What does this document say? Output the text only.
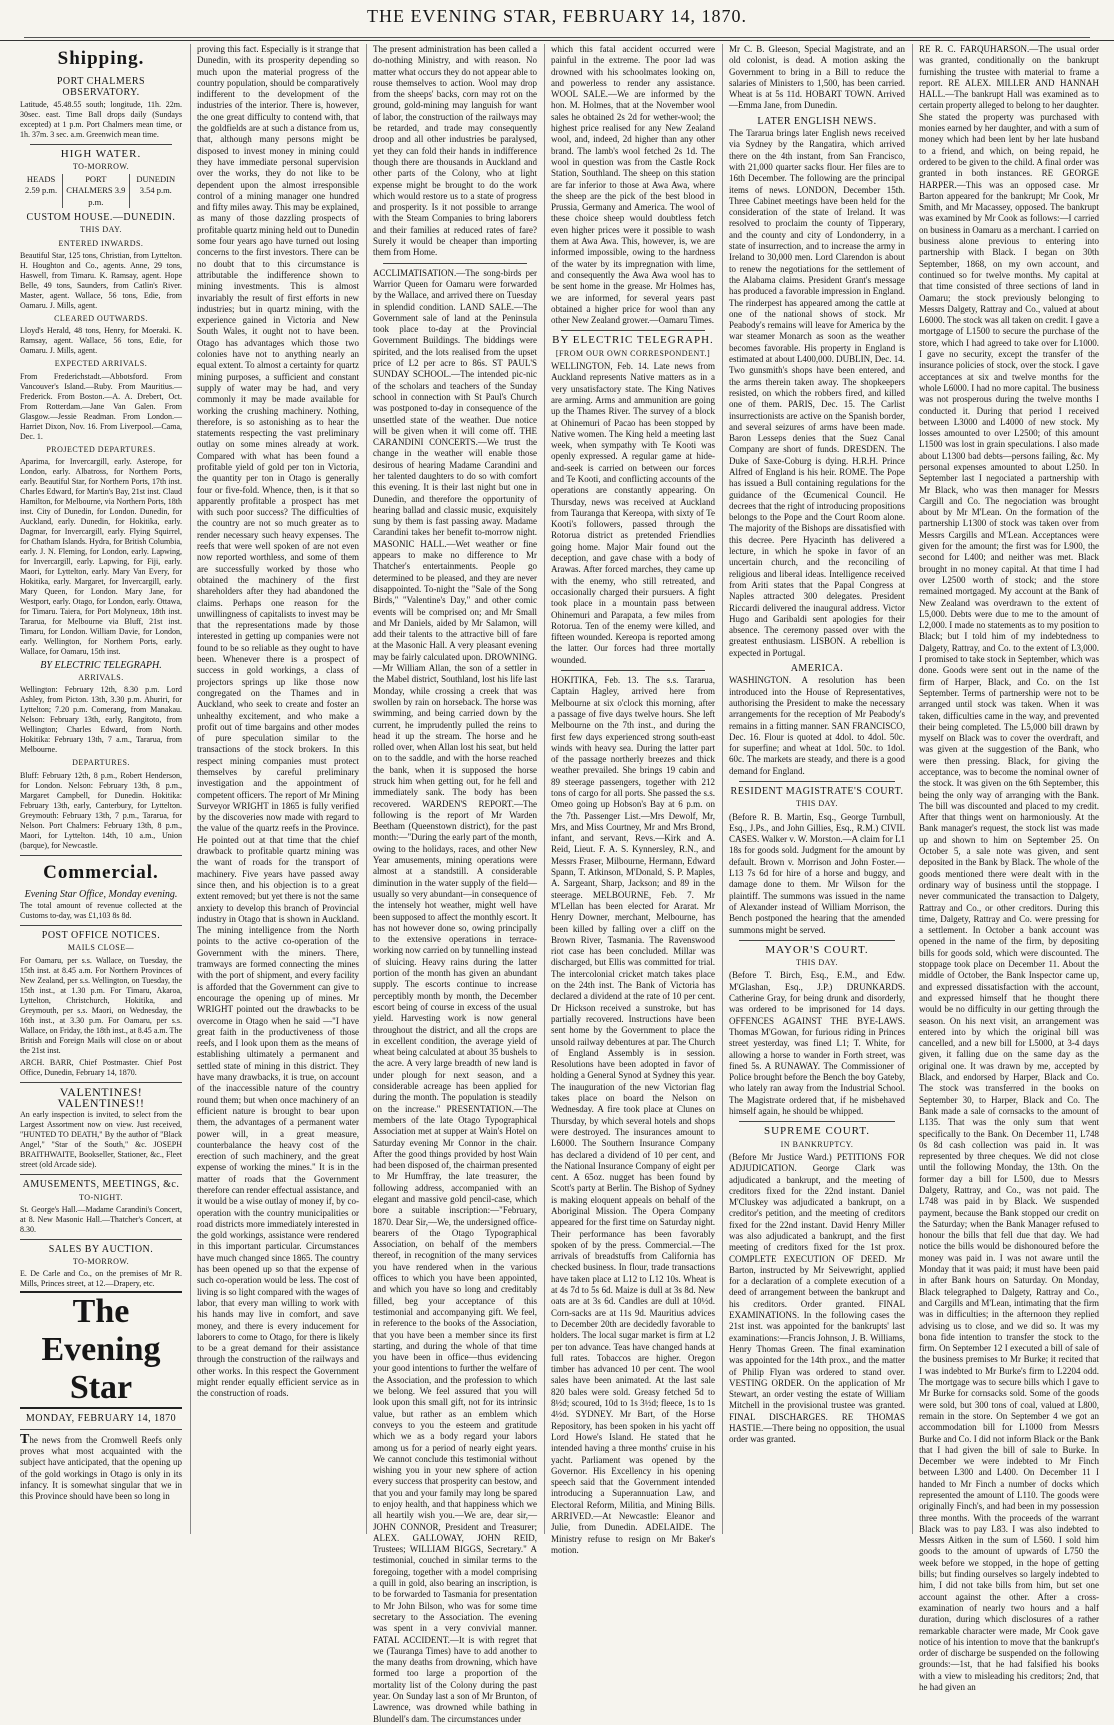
THE EVENING STAR, FEBRUARY 14, 1870.
Shipping.
PORT CHALMERS OBSERVATORY.
Latitude, 45.48.55 south; longitude, 11h. 22m. 30sec. east. Time Ball drops daily (Sundays excepted) at 1 p.m. Port Chalmers mean time, or 1h. 37m. 3 sec. a.m. Greenwich mean time.
HIGH WATER.
TO-MORROW.
HEADS 2.59 p.m.	PORT CHALMERS 3.9 p.m.	DUNEDIN 3.54 p.m.
CUSTOM HOUSE.—DUNEDIN.
THIS DAY.
ENTERED INWARDS.
Beautiful Star, 125 tons, Christian, from Lyttelton. H. Houghton and Co., agents. Anne, 29 tons, Haswell, from Timaru. K. Ramsay, agent. Hope Belle, 49 tons, Saunders, from Catlin's River. Master, agent. Wallace, 56 tons, Edie, from Oamaru. J. Mills, agent.
CLEARED OUTWARDS.
Lloyd's Herald, 48 tons, Henry, for Moeraki. K. Ramsay, agent. Wallace, 56 tons, Edie, for Oamaru. J. Mills, agent.
EXPECTED ARRIVALS.
From Frederichstadt.—Abbotsford. From Vancouver's Island.—Ruby. From Mauritius.—Frederick. From Boston.—A. A. Drebert, Oct. From Rotterdam.—Jane Van Galen. From Glasgow.—Jessie Readman. From London.—Harriet Dixon, Nov. 16. From Liverpool.—Cama, Dec. 1.
PROJECTED DEPARTURES.
Aparima, for Invercargill, early. Asterope, for London, early. Albatross, for Northern Ports, early. Beautiful Star, for Northern Ports, 17th inst. Charles Edward, for Martin's Bay, 21st inst. Claud Hamilton, for Melbourne, via Northern Ports, 18th inst. City of Dunedin, for London. Dunedin, for Auckland, early. Dunedin, for Hokitika, early. Dagmar, for Invercargill, early. Flying Squirrel, for Chatham Islands. Hydra, for British Columbia, early. J. N. Fleming, for London, early. Lapwing, for Invercargill, early. Lapwing, for Fiji, early. Maori, for Lyttelton, early. Mary Van Every, for Hokitika, early. Margaret, for Invercargill, early. Mary Queen, for London. Mary Jane, for Westport, early. Otago, for London, early. Ottawa, for Timaru. Taiera, for Port Molyneux, 18th inst. Tararua, for Melbourne via Bluff, 21st inst. Timaru, for London. William Davie, for London, early. Wellington, for Northern Ports, early. Wallace, for Oamaru, 15th inst.
BY ELECTRIC TELEGRAPH.
ARRIVALS.
Wellington: February 12th, 8.30 p.m. Lord Ashley, from Picton. 13th, 3.30 p.m. Ahuriri, for Lyttelton; 7.20 p.m. Comerang, from Manakau. Nelson: February 13th, early, Rangitoto, from Wellington; Charles Edward, from North. Hokitika: February 13th, 7 a.m., Tararua, from Melbourne.
DEPARTURES.
Bluff: February 12th, 8 p.m., Robert Henderson, for London. Nelson: February 13th, 8 p.m., Margaret Campbell, for Dunedin. Hokitika: February 13th, early, Canterbury, for Lyttelton. Greymouth: February 13th, 7 p.m., Tararua, for Nelson. Port Chalmers: February 13th, 8 p.m., Maori, for Lyttelton. 14th, 10 a.m., Union (barque), for Newcastle.
Commercial.
Evening Star Office, Monday evening.
The total amount of revenue collected at the Customs to-day, was £1,103 8s 8d.
POST OFFICE NOTICES.
MAILS CLOSE—
For Oamaru, per s.s. Wallace, on Tuesday, the 15th inst. at 8.45 a.m. For Northern Provinces of New Zealand, per s.s. Wellington, on Tuesday, the 15th inst., at 1.30 p.m. For Timaru, Akaroa, Lyttelton, Christchurch, Hokitika, and Greymouth, per s.s. Maori, on Wednesday, the 16th inst., at 3.30 p.m. For Oamaru, per s.s. Wallace, on Friday, the 18th inst., at 8.45 a.m. The British and Foreign Mails will close on or about the 21st inst.
ARCH. BARR, Chief Postmaster. Chief Post Office, Dunedin, February 14, 1870.
VALENTINES! VALENTINES!!
An early inspection is invited, to select from the Largest Assortment now on view. Just received, "HUNTED TO DEATH," By the author of "Black Angel," "Star of the South," &c. JOSEPH BRAITHWAITE, Bookseller, Stationer, &c., Fleet street (old Arcade side).
AMUSEMENTS, MEETINGS, &c.
TO-NIGHT.
St. George's Hall.—Madame Carandini's Concert, at 8. New Masonic Hall.—Thatcher's Concert, at 8.30.
SALES BY AUCTION.
TO-MORROW.
E. De Carle and Co., on the premises of Mr R. Mills, Princes street, at 12.—Drapery, etc.
The Evening Star
MONDAY, FEBRUARY 14, 1870
The news from the Cromwell Reefs only proves what most acquainted with the subject have anticipated, that the opening up of the gold workings in Otago is only in its infancy. It is somewhat singular that we in this Province should have been so long in
proving this fact. Especially is it strange that Dunedin, with its prosperity depending so much upon the material progress of the country population, should be comparatively indifferent to the development of the industries of the interior. There is, however, the one great difficulty to contend with, that the goldfields are at such a distance from us, that, although many persons might be disposed to invest money in mining could they have immediate personal supervision over the works, they do not like to be dependent upon the almost irresponsible control of a mining manager one hundred and fifty miles away. This may be explained, as many of those dazzling prospects of profitable quartz mining held out to Dunedin some four years ago have turned out losing concerns to the first investors. There can be no doubt that to this circumstance is attributable the indifference shown to mining investments. This is almost invariably the result of first efforts in new industries; but in quartz mining, with the experience gained in Victoria and New South Wales, it ought not to have been. Otago has advantages which those two colonies have not to anything nearly an equal extent. To almost a certainty for quartz mining purposes, a sufficient and constant supply of water may be had, and very commonly it may be made available for working the crushing machinery. Nothing, therefore, is so astonishing as to hear the statements respecting the vast preliminary outlay on some mines already at work. Compared with what has been found a profitable yield of gold per ton in Victoria, the quantity per ton in Otago is generally four or five-fold. Whence, then, is it that so apparently profitable a prospect has met with such poor success? The difficulties of the country are not so much greater as to render necessary such heavy expenses. The reefs that were well spoken of are not even now reported worthless, and some of them are successfully worked by those who obtained the machinery of the first shareholders after they had abandoned the claims. Perhaps one reason for the unwillingness of capitalists to invest may be that the representations made by those interested in getting up companies were not found to be so reliable as they ought to have been. Whenever there is a prospect of success in gold workings, a class of projectors springs up like those now congregated on the Thames and in Auckland, who seek to create and foster an unhealthy excitement, and who make a profit out of time bargains and other modes of pure speculation similar to the transactions of the stock brokers. In this respect mining companies must protect themselves by careful preliminary investigation and the appointment of competent officers. The report of Mr Mining Surveyor WRIGHT in 1865 is fully verified by the discoveries now made with regard to the value of the quartz reefs in the Province. He pointed out at that time that the chief drawback to profitable quartz mining was the want of roads for the transport of machinery. Five years have passed away since then, and his objection is to a great extent removed; but yet there is not the same anxiety to develop this branch of Provincial industry in Otago that is shown in Auckland. The mining intelligence from the North points to the active co-operation of the Government with the miners. There, tramways are formed connecting the mines with the port of shipment, and every facility is afforded that the Government can give to encourage the opening up of mines. Mr WRIGHT pointed out the drawbacks to be overcome in Otago when he said —"I have great faith in the productiveness of those reefs, and I look upon them as the means of establishing ultimately a permanent and settled state of mining in this district. They have many drawbacks, it is true, on account of the inaccessible nature of the country round them; but when once machinery of an efficient nature is brought to bear upon them, the advantages of a permanent water power will, in a great measure, counterbalance the heavy cost of the erection of such machinery, and the great expense of working the mines." It is in the matter of roads that the Government therefore can render effectual assistance, and it would be a wise outlay of money if, by co-operation with the country municipalities or road districts more immediately interested in the gold workings, assistance were rendered in this important particular. Circumstances have much changed since 1865. The country has been opened up so that the expense of such co-operation would be less. The cost of living is so light compared with the wages of labor, that every man willing to work with his hands may live in comfort, and save money, and there is every inducement for laborers to come to Otago, for there is likely to be a great demand for their assistance through the construction of the railways and other works. In this respect the Government might render equally efficient service as in the construction of roads.
The present administration has been called a do-nothing Ministry, and with reason. No matter what occurs they do not appear able to rouse themselves to action. Wool may drop from the sheeps' backs, corn may rot on the ground, gold-mining may languish for want of labor, the construction of the railways may be retarded, and trade may consequently droop and all other industries be paralysed, yet they can fold their hands in indifference though there are thousands in Auckland and other parts of the Colony, who at light expense might be brought to do the work which would restore us to a state of progress and prosperity. Is it not possible to arrange with the Steam Companies to bring laborers and their families at reduced rates of fare? Surely it would be cheaper than importing them from Home.
ACCLIMATISATION.—The song-birds per Warrior Queen for Oamaru were forwarded by the Wallace, and arrived there on Tuesday in splendid condition. LAND SALE.—The Government sale of land at the Peninsula took place to-day at the Provincial Government Buildings. The biddings were spirited, and the lots realised from the upset price of L2 per acre to 86s. ST PAUL'S SUNDAY SCHOOL.—The intended pic-nic of the scholars and teachers of the Sunday school in connection with St Paul's Church was postponed to-day in consequence of the unsettled state of the weather. Due notice will be given when it will come off. THE CARANDINI CONCERTS.—We trust the change in the weather will enable those desirous of hearing Madame Carandini and her talented daughters to do so with comfort this evening. It is their last night but one in Dunedin, and therefore the opportunity of hearing ballad and classic music, exquisitely sung by them is fast passing away. Madame Carandini takes her benefit to-morrow night. MASONIC HALL.—Wet weather or fine appears to make no difference to Mr Thatcher's entertainments. People go determined to be pleased, and they are never disappointed. To-night the "Sale of the Song Birds," "Valentine's Day," and other comic events will be comprised on; and Mr Small and Mr Daniels, aided by Mr Salamon, will add their talents to the attractive bill of fare at the Masonic Hall. A very pleasant evening may be fairly calculated upon. DROWNING.—Mr William Allan, the son of a settler in the Mabel district, Southland, lost his life last Monday, while crossing a creek that was swollen by rain on horseback. The horse was swimming, and being carried down by the current, he imprudently pulled the reins to head it up the stream. The horse and he rolled over, when Allan lost his seat, but held on to the saddle, and with the horse reached the bank, when it is supposed the horse struck him when getting out, for he fell and immediately sank. The body has been recovered. WARDEN'S REPORT.—The following is the report of Mr Warden Beetham (Queenstown district), for the past month:—"During the early part of the month, owing to the holidays, races, and other New Year amusements, mining operations were almost at a standstill. A considerable diminution in the water supply of the field—usually so very abundant—in consequence of the intensely hot weather, might well have been supposed to affect the monthly escort. It has not however done so, owing principally to the extensive operations in terrace-working now carried on by tunnelling instead of sluicing. Heavy rains during the latter portion of the month has given an abundant supply. The escorts continue to increase perceptibly month by month, the December escort being of course in excess of the usual yield. Harvesting work is now general throughout the district, and all the crops are in excellent condition, the average yield of wheat being calculated at about 35 bushels to the acre. A very large breadth of new land is under plough for next season, and a considerable acreage has been applied for during the month. The population is steadily on the increase." PRESENTATION.—The members of the late Otago Typographical Association met at supper at Wain's Hotel on Saturday evening Mr Connor in the chair. After the good things provided by host Wain had been disposed of, the chairman presented to Mr Humffray, the late treasurer, the following address, accompanied with an elegant and massive gold pencil-case, which bore a suitable inscription:—"February, 1870. Dear Sir,—We, the undersigned office-bearers of the Otago Typographical Association, on behalf of the members thereof, in recognition of the many services you have rendered when in the various offices to which you have been appointed, and which you have so long and creditably filled, beg your acceptance of this testimonial and accompanying gift. We feel, in reference to the books of the Association, that you have been a member since its first starting, and during the whole of that time you have been in office—thus evidencing your good intentions to further the welfare of the Association, and the profession to which we belong. We feel assured that you will look upon this small gift, not for its intrinsic value, but rather as an emblem which conveys to you the esteem and gratitude which we as a body regard your labors among us for a period of nearly eight years. We cannot conclude this testimonial without wishing you in your new sphere of action every success that prosperity can bestow, and that you and your family may long be spared to enjoy health, and that happiness which we all heartily wish you.—We are, dear sir,—JOHN CONNOR, President and Treasurer; ALEX. GALLOWAY, JOHN REID, Trustees; WILLIAM BIGGS, Secretary." A testimonial, couched in similar terms to the foregoing, together with a model comprising a quill in gold, also bearing an inscription, is to be forwarded to Tasmania for presentation to Mr John Bilson, who was for some time secretary to the Association. The evening was spent in a very convivial manner. FATAL ACCIDENT.—It is with regret that we (Tauranga Times) have to add another to the many deaths from drowning, which have formed too large a proportion of the mortality list of the Colony during the past year. On Sunday last a son of Mr Brunton, of Lawrence, was drowned while bathing in Blundell's dam. The circumstances under
which this fatal accident occurred were painful in the extreme. The poor lad was drowned with his schoolmates looking on, and powerless to render any assistance. WOOL SALE.—We are informed by the hon. M. Holmes, that at the November wool sales he obtained 2s 2d for wether-wool; the highest price realised for any New Zealand wool, and, indeed, 2d higher than any other brand. The lamb's wool fetched 2s 1d. The wool in question was from the Castle Rock Station, Southland. The sheep on this station are far inferior to those at Awa Awa, where the sheep are the pick of the best blood in Prussia, Germany and America. The wool of these choice sheep would doubtless fetch even higher prices were it possible to wash them at Awa Awa. This, however, is, we are informed impossible, owing to the hardness of the water by its impregnation with lime, and consequently the Awa Awa wool has to be sent home in the grease. Mr Holmes has, we are informed, for several years past obtained a higher price for wool than any other New Zealand grower.—Oamaru Times.
BY ELECTRIC TELEGRAPH.
[FROM OUR OWN CORRESPONDENT.]
WELLINGTON, Feb. 14. Late news from Auckland represents Native matters as in a very unsatisfactory state. The King Natives are arming. Arms and ammunition are going up the Thames River. The survey of a block at Ohinemuri of Pacao has been stopped by Native women. The King held a meeting last week, when sympathy with Te Kooti was openly expressed. A regular game at hide-and-seek is carried on between our forces and Te Kooti, and conflicting accounts of the operations are constantly appearing. On Thursday, news was received at Auckland from Tauranga that Kereopa, with sixty of Te Kooti's followers, passed through the Rotorua district as pretended Friendlies going home. Major Mair found out the deception, and gave chase with a body of Arawas. After forced marches, they came up with the enemy, who still retreated, and occasionally charged their pursuers. A fight took place in a mountain pass between Ohinemuri and Parapata, a few miles from Rotorua. Ten of the enemy were killed, and fifteen wounded. Kereopa is reported among the latter. Our forces had three mortally wounded.
HOKITIKA, Feb. 13. The s.s. Tararua, Captain Hagley, arrived here from Melbourne at six o'clock this morning, after a passage of five days twelve hours. She left Melbourne on the 7th inst., and during the first few days experienced strong south-east winds with heavy sea. During the latter part of the passage northerly breezes and thick weather prevailed. She brings 19 cabin and 89 steerage passengers, together with 212 tons of cargo for all ports. She passed the s.s. Omeo going up Hobson's Bay at 6 p.m. on the 7th. Passenger List.—Mrs Dewolf, Mr, Mrs, and Miss Courtney, Mr and Mrs Brond, infant, and servant, Revs.—Kirk and A. Reid, Lieut. F. A. S. Kynnersley, R.N., and Messrs Fraser, Milbourne, Hermann, Edward Spann, T. Atkinson, M'Donald, S. P. Maples, A. Sargeant, Sharp, Jackson; and 89 in the steerage. MELBOURNE, Feb. 7. Mr M'Lellan has been elected for Ararat. Mr Henry Downer, merchant, Melbourne, has been killed by falling over a cliff on the Brown River, Tasmania. The Ravenswood riot case has been concluded. Millar was discharged, but Ellis was committed for trial. The intercolonial cricket match takes place on the 24th inst. The Bank of Victoria has declared a dividend at the rate of 10 per cent. Dr Hickson received a sunstroke, but has partially recovered. Instructions have been sent home by the Government to place the unsold railway debentures at par. The Church of England Assembly is in session. Resolutions have been adopted in favor of holding a General Synod at Sydney this year. The inauguration of the new Victorian flag takes place on board the Nelson on Wednesday. A fire took place at Clunes on Thursday, by which several hotels and shops were destroyed. The insurances amount to L6000. The Southern Insurance Company has declared a dividend of 10 per cent, and the National Insurance Company of eight per cent. A 65oz. nugget has been found by Scott's party at Berlin. The Bishop of Sydney is making eloquent appeals on behalf of the Aboriginal Mission. The Opera Company appeared for the first time on Saturday night. Their performance has been favorably spoken of by the press. Commercial.—The arrivals of breadstuffs from California has checked business. In flour, trade transactions have taken place at L12 to L12 10s. Wheat is at 4s 7d to 5s 6d. Maize is dull at 3s 8d. New oats are at 3s 6d. Candles are dull at 10½d. Corn-sacks are at 11s 9d. Mauritius advices to December 20th are decidedly favorable to holders. The local sugar market is firm at L2 per ton advance. Teas have changed hands at full rates. Tobaccos are higher. Oregon timber has advanced 10 per cent. The wool sales have been animated. At the last sale 820 bales were sold. Greasy fetched 5d to 8½d; scoured, 10d to 1s 3½d; fleece, 1s to 1s 4½d. SYDNEY. Mr Bart, of the Horse Repository, has been spoken in his yacht off Lord Howe's Island. He stated that he intended having a three months' cruise in his yacht. Parliament was opened by the Governor. His Excellency in his opening speech said that the Government intended introducing a Superannuation Law, and Electoral Reform, Militia, and Mining Bills. ARRIVED.—At Newcastle: Eleanor and Julie, from Dunedin. ADELAIDE. The Ministry refuse to resign on Mr Baker's motion.
Mr C. B. Gleeson, Special Magistrate, and an old colonist, is dead. A motion asking the Government to bring in a Bill to reduce the salaries of Ministers to 1,500, has been carried. Wheat is at 5s 11d. HOBART TOWN. Arrived—Emma Jane, from Dunedin.
LATER ENGLISH NEWS.
The Tararua brings later English news received via Sydney by the Rangatira, which arrived there on the 4th instant, from San Francisco, with 21,000 quarter sacks flour. Her files are to 16th December. The following are the principal items of news. LONDON, December 15th. Three Cabinet meetings have been held for the consideration of the state of Ireland. It was resolved to proclaim the county of Tipperary, and the county and city of Londonderry, in a state of insurrection, and to increase the army in Ireland to 30,000 men. Lord Clarendon is about to renew the negotiations for the settlement of the Alabama claims. President Grant's message has produced a favorable impression in England. The rinderpest has appeared among the cattle at one of the national shows of stock. Mr Peabody's remains will leave for America by the war steamer Monarch as soon as the weather becomes favorable. His property in England is estimated at about L400,000. DUBLIN, Dec. 14. Two gunsmith's shops have been entered, and the arms therein taken away. The shopkeepers resisted, on which the robbers fired, and killed one of them. PARIS, Dec. 15. The Carlist insurrectionists are active on the Spanish border, and several seizures of arms have been made. Baron Lesseps denies that the Suez Canal Company are short of funds. DRESDEN. The Duke of Saxe-Coburg is dying. H.R.H. Prince Alfred of England is his heir. ROME. The Pope has issued a Bull containing regulations for the guidance of the Œcumenical Council. He decrees that the right of introducing propositions belongs to the Pope and the Court Room alone. The majority of the Bishops are dissatisfied with this decree. Pere Hyacinth has delivered a lecture, in which he spoke in favor of an uncertain church, and the reconciling of religious and liberal ideas. Intelligence received from Ariti states that the Papal Congress at Naples attracted 300 delegates. President Riccardi delivered the inaugural address. Victor Hugo and Garibaldi sent apologies for their absence. The ceremony passed over with the greatest enthusiasm. LISBON. A rebellion is expected in Portugal.
AMERICA.
WASHINGTON. A resolution has been introduced into the House of Representatives, authorising the President to make the necessary arrangements for the reception of Mr Peabody's remains in a fitting manner. SAN FRANCISCO, Dec. 16. Flour is quoted at 4dol. to 4dol. 50c. for superfine; and wheat at 1dol. 50c. to 1dol. 60c. The markets are steady, and there is a good demand for England.
RESIDENT MAGISTRATE'S COURT.
THIS DAY.
(Before R. B. Martin, Esq., George Turnbull, Esq., J.Ps., and John Gillies, Esq., R.M.) CIVIL CASES. Walker v. W. Morston.—A claim for L1 18s for goods sold. Judgment for the amount by default. Brown v. Morrison and John Foster.—L13 7s 6d for hire of a horse and buggy, and damage done to them. Mr Wilson for the plaintiff. The summons was issued in the name of Alexander instead of William Morrison, the Bench postponed the hearing that the amended summons might be served.
MAYOR'S COURT.
THIS DAY.
(Before T. Birch, Esq., E.M., and Edw. M'Glashan, Esq., J.P.) DRUNKARDS. Catherine Gray, for being drunk and disorderly, was ordered to be imprisoned for 14 days. OFFENCES AGAINST THE BYE-LAWS. Thomas M'Gowan, for furious riding in Princes street yesterday, was fined L1; T. White, for allowing a horse to wander in Forth street, was fined 5s. A RUNAWAY. The Commissioner of Police brought before the Bench the boy Gateby, who lately ran away from the Industrial School. The Magistrate ordered that, if he misbehaved himself again, he should be whipped.
SUPREME COURT.
IN BANKRUPTCY.
(Before Mr Justice Ward.) PETITIONS FOR ADJUDICATION. George Clark was adjudicated a bankrupt, and the meeting of creditors fixed for the 22nd instant. Daniel M'Cluskey was adjudicated a bankrupt, on a creditor's petition, and the meeting of creditors fixed for the 22nd instant. David Henry Miller was also adjudicated a bankrupt, and the first meeting of creditors fixed for the 1st prox. COMPLETE EXECUTION OF DEED. Mr Barton, instructed by Mr Seivewright, applied for a declaration of a complete execution of a deed of arrangement between the bankrupt and his creditors. Order granted. FINAL EXAMINATIONS. In the following cases the 21st inst. was appointed for the bankrupts' last examinations:—Francis Johnson, J. B. Williams, Henry Thomas Green. The final examination was appointed for the 14th prox., and the matter of Philip Flyan was ordered to stand over. VESTING ORDER. On the application of Mr Stewart, an order vesting the estate of William Mitchell in the provisional trustee was granted. FINAL DISCHARGES. RE THOMAS HASTIE.—There being no opposition, the usual order was granted.
RE R. C. FARQUHARSON.—The usual order was granted, conditionally on the bankrupt furnishing the trustee with material to frame a report. RE ALEX. MILLER AND HANNAH HALL.—The bankrupt Hall was examined as to certain property alleged to belong to her daughter. She stated the property was purchased with monies earned by her daughter, and with a sum of money which had been lent by her late husband to a friend, and which, on being repaid, he ordered to be given to the child. A final order was granted in both instances. RE GEORGE HARPER.—This was an opposed case. Mr Barton appeared for the bankrupt; Mr Cook, Mr Smith, and Mr Macassey, opposed. The bankrupt was examined by Mr Cook as follows:—I carried on business in Oamaru as a merchant. I carried on business alone previous to entering into partnership with Black. I began on 30th September, 1868, on my own account, and continued so for twelve months. My capital at that time consisted of three sections of land in Oamaru; the stock previously belonging to Messrs Dalgety, Rattray and Co., valued at about L6000. The stock was all taken on credit. I gave a mortgage of L1500 to secure the purchase of the store, which I had agreed to take over for L1000. I gave no security, except the transfer of the insurance policies of stock, over the stock. I gave acceptances at six and twelve months for the whole L6000. I had no more capital. The business was not prosperous during the twelve months I conducted it. During that period I received between L3000 and L4000 of new stock. My losses amounted to over L2500; of this amount L1500 was lost in grain speculations. I also made about L1300 bad debts—persons failing, &c. My personal expenses amounted to about L250. In September last I negociated a partnership with Mr Black, who was then manager for Messrs Cargill and Co. The negociation was brought about by Mr M'Lean. On the formation of the partnership L1300 of stock was taken over from Messrs Cargills and M'Lean. Acceptances were given for the amount; the first was for L900, the second for L400; and neither was met. Black brought in no money capital. At that time I had over L2500 worth of stock; and the store remained mortgaged. My account at the Bank of New Zealand was overdrawn to the extent of L5,000. Debts were due to me to the amount of L2,000. I made no statements as to my position to Black; but I told him of my indebtedness to Dalgety, Rattray, and Co. to the extent of L3,000. I promised to take stock in September, which was done. Goods were sent out in the name of the firm of Harper, Black, and Co. on the 1st September. Terms of partnership were not to be arranged until stock was taken. When it was taken, difficulties came in the way, and prevented their being completed. The L5,000 bill drawn by myself on Black was to cover the overdraft, and was given at the suggestion of the Bank, who were then pressing. Black, for giving the acceptance, was to become the nominal owner of the stock. It was given on the 6th September, this being the only way of arranging with the Bank. The bill was discounted and placed to my credit. After that things went on harmoniously. At the Bank manager's request, the stock list was made up and shown to him on September 25. On October 5, a sale note was given, and sent deposited in the Bank by Black. The whole of the goods mentioned there were dealt with in the ordinary way of business until the stoppage. I never communicated the transaction to Dalgety, Rattray and Co., or other creditors. During this time, Dalgety, Rattray and Co. were pressing for a settlement. In October a bank account was opened in the name of the firm, by depositing bills for goods sold, which were discounted. The stoppage took place on December 11. About the middle of October, the Bank Inspector came up, and expressed dissatisfaction with the account, and expressed himself that he thought there would be no difficulty in our getting through the season. On his next visit, an arrangement was entered into by which the original bill was cancelled, and a new bill for L5000, at 3-4 days given, it falling due on the same day as the original one. It was drawn by me, accepted by Black, and endorsed by Harper, Black and Co. The stock was transferred in the books on September 30, to Harper, Black and Co. The Bank made a sale of cornsacks to the amount of L135. That was the only sum that went specifically to the Bank. On December 11, L748 0s 8d cash collection was paid in. It was represented by three cheques. We did not close until the following Monday, the 13th. On the former day a bill for L500, due to Messrs Dalgety, Rattray, and Co., was not paid. The L748 was paid in by Black. We suspended payment, because the Bank stopped our credit on the Saturday; when the Bank Manager refused to honour the bills that fell due that day. We had notice the bills would be dishonoured before the money was paid in. I was not aware until the Monday that it was paid; it must have been paid in after Bank hours on Saturday. On Monday, Black telegraphed to Dalgety, Rattray and Co., and Cargills and M'Lean, intimating that the firm was in difficulties; in the afternoon they replied advising us to close, and we did so. It was my bona fide intention to transfer the stock to the firm. On September 12 I executed a bill of sale of the business premises to Mr Burke; it recited that I was indebted to Mr Burke's firm to L2204 odd. The mortgage was to secure bills which I gave to Mr Burke for cornsacks sold. Some of the goods were sold, but 300 tons of coal, valued at L800, remain in the store. On September 4 we got an accommodation bill for L1000 from Messrs Burke and Co. I did not inform Black or the Bank that I had given the bill of sale to Burke. In December we were indebted to Mr Finch between L300 and L400. On December 11 I handed to Mr Finch a number of docks which represented the amount of L110. The goods were originally Finch's, and had been in my possession three months. With the proceeds of the warrant Black was to pay L83. I was also indebted to Messrs Aitken in the sum of L560. I sold him goods to the amount of upwards of L750 the week before we stopped, in the hope of getting bills; but finding ourselves so largely indebted to him, I did not take bills from him, but set one account against the other. After a cross-examination of nearly two hours and a half duration, during which disclosures of a rather remarkable character were made, Mr Cook gave notice of his intention to move that the bankrupt's order of discharge be suspended on the following grounds:—1st, that he had falsified his books with a view to misleading his creditors; 2nd, that he had given an
